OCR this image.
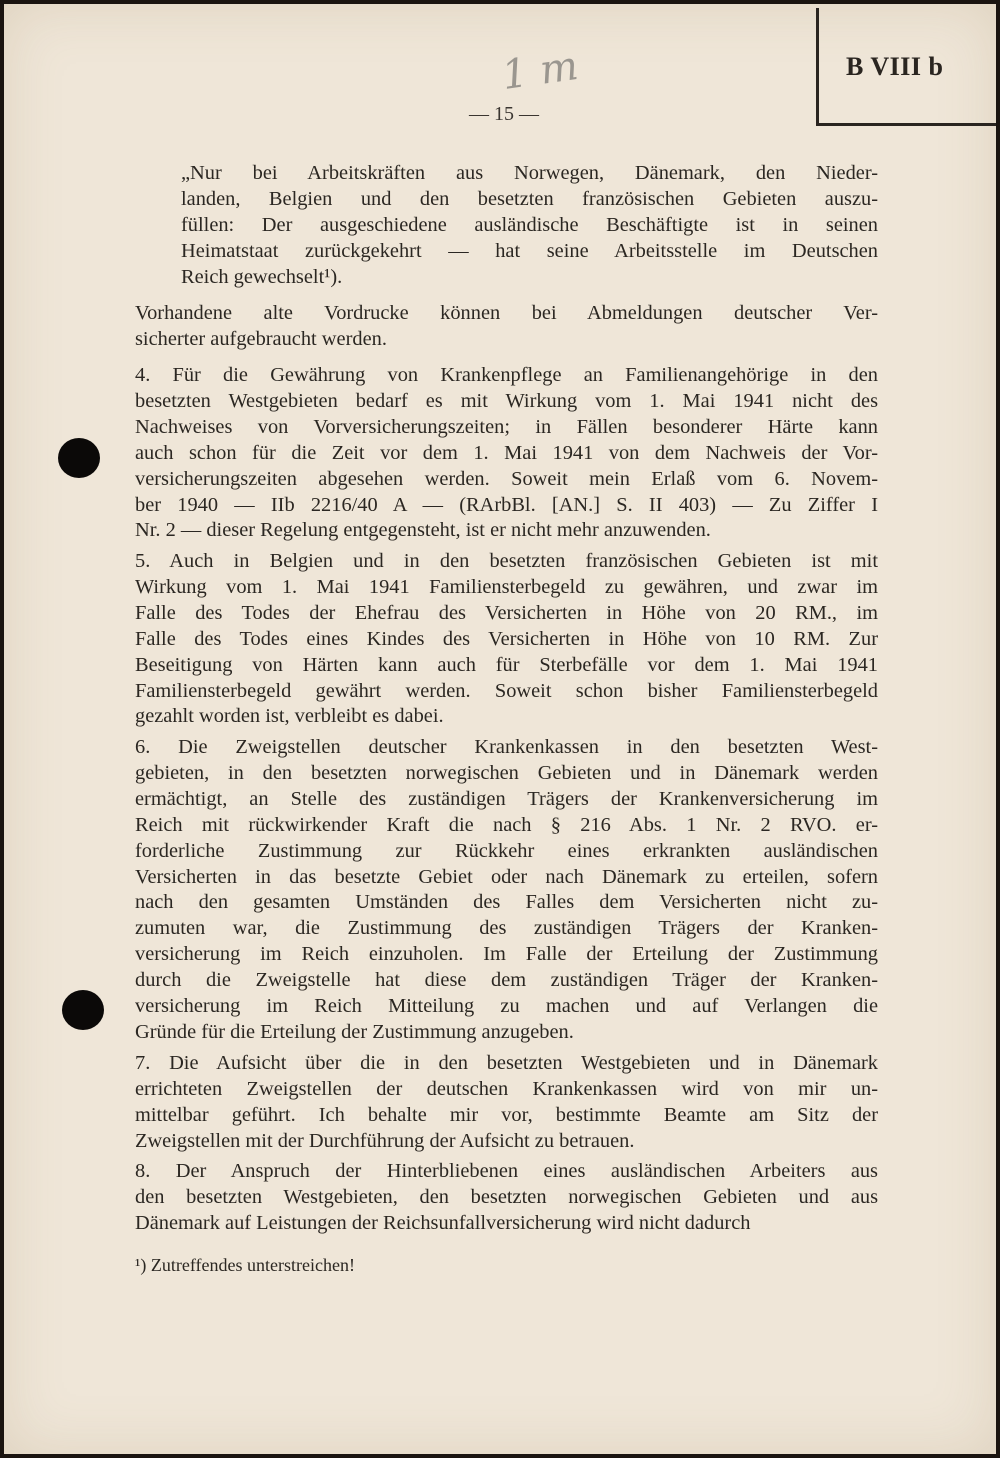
B VIII b
1 m
— 15 —
„Nur bei Arbeitskräften aus Norwegen, Dänemark, den Nieder-
landen, Belgien und den besetzten französischen Gebieten auszu-
füllen: Der ausgeschiedene ausländische Beschäftigte ist in seinen
Heimatstaat zurückgekehrt — hat seine Arbeitsstelle im Deutschen
Reich gewechselt¹).
Vorhandene alte Vordrucke können bei Abmeldungen deutscher Ver-
sicherter aufgebraucht werden.
4. Für die Gewährung von Krankenpflege an Familienangehörige in den
besetzten Westgebieten bedarf es mit Wirkung vom 1. Mai 1941 nicht des
Nachweises von Vorversicherungszeiten; in Fällen besonderer Härte kann
auch schon für die Zeit vor dem 1. Mai 1941 von dem Nachweis der Vor-
versicherungszeiten abgesehen werden. Soweit mein Erlaß vom 6. Novem-
ber 1940 — IIb 2216/40 A — (RArbBl. [AN.] S. II 403) — Zu Ziffer I
Nr. 2 — dieser Regelung entgegensteht, ist er nicht mehr anzuwenden.
5. Auch in Belgien und in den besetzten französischen Gebieten ist mit
Wirkung vom 1. Mai 1941 Familiensterbegeld zu gewähren, und zwar im
Falle des Todes der Ehefrau des Versicherten in Höhe von 20 RM., im
Falle des Todes eines Kindes des Versicherten in Höhe von 10 RM. Zur
Beseitigung von Härten kann auch für Sterbefälle vor dem 1. Mai 1941
Familiensterbegeld gewährt werden. Soweit schon bisher Familiensterbegeld
gezahlt worden ist, verbleibt es dabei.
6. Die Zweigstellen deutscher Krankenkassen in den besetzten West-
gebieten, in den besetzten norwegischen Gebieten und in Dänemark werden
ermächtigt, an Stelle des zuständigen Trägers der Krankenversicherung im
Reich mit rückwirkender Kraft die nach § 216 Abs. 1 Nr. 2 RVO. er-
forderliche Zustimmung zur Rückkehr eines erkrankten ausländischen
Versicherten in das besetzte Gebiet oder nach Dänemark zu erteilen, sofern
nach den gesamten Umständen des Falles dem Versicherten nicht zu-
zumuten war, die Zustimmung des zuständigen Trägers der Kranken-
versicherung im Reich einzuholen. Im Falle der Erteilung der Zustimmung
durch die Zweigstelle hat diese dem zuständigen Träger der Kranken-
versicherung im Reich Mitteilung zu machen und auf Verlangen die
Gründe für die Erteilung der Zustimmung anzugeben.
7. Die Aufsicht über die in den besetzten Westgebieten und in Dänemark
errichteten Zweigstellen der deutschen Krankenkassen wird von mir un-
mittelbar geführt. Ich behalte mir vor, bestimmte Beamte am Sitz der
Zweigstellen mit der Durchführung der Aufsicht zu betrauen.
8. Der Anspruch der Hinterbliebenen eines ausländischen Arbeiters aus
den besetzten Westgebieten, den besetzten norwegischen Gebieten und aus
Dänemark auf Leistungen der Reichsunfallversicherung wird nicht dadurch
¹) Zutreffendes unterstreichen!
